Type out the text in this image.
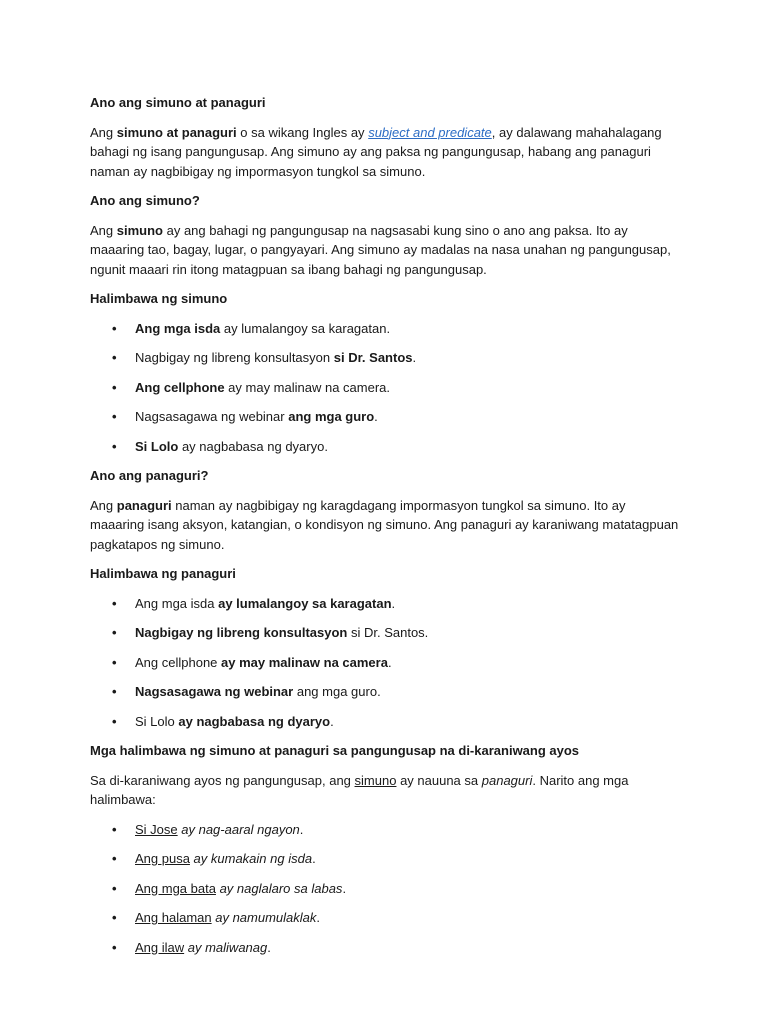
Ano ang simuno at panaguri
Ang simuno at panaguri o sa wikang Ingles ay subject and predicate, ay dalawang mahahalagang bahagi ng isang pangungusap. Ang simuno ay ang paksa ng pangungusap, habang ang panaguri naman ay nagbibigay ng impormasyon tungkol sa simuno.
Ano ang simuno?
Ang simuno ay ang bahagi ng pangungusap na nagsasabi kung sino o ano ang paksa. Ito ay maaaring tao, bagay, lugar, o pangyayari. Ang simuno ay madalas na nasa unahan ng pangungusap, ngunit maaari rin itong matagpuan sa ibang bahagi ng pangungusap.
Halimbawa ng simuno
• Ang mga isda ay lumalangoy sa karagatan.
• Nagbigay ng libreng konsultasyon si Dr. Santos.
• Ang cellphone ay may malinaw na camera.
• Nagsasagawa ng webinar ang mga guro.
• Si Lolo ay nagbabasa ng dyaryo.
Ano ang panaguri?
Ang panaguri naman ay nagbibigay ng karagdagang impormasyon tungkol sa simuno. Ito ay maaaring isang aksyon, katangian, o kondisyon ng simuno. Ang panaguri ay karaniwang matatagpuan pagkatapos ng simuno.
Halimbawa ng panaguri
• Ang mga isda ay lumalangoy sa karagatan.
• Nagbigay ng libreng konsultasyon si Dr. Santos.
• Ang cellphone ay may malinaw na camera.
• Nagsasagawa ng webinar ang mga guro.
• Si Lolo ay nagbabasa ng dyaryo.
Mga halimbawa ng simuno at panaguri sa pangungusap na di-karaniwang ayos
Sa di-karaniwang ayos ng pangungusap, ang simuno ay nauuna sa panaguri. Narito ang mga halimbawa:
• Si Jose ay nag-aaral ngayon.
• Ang pusa ay kumakain ng isda.
• Ang mga bata ay naglalaro sa labas.
• Ang halaman ay namumulaklak.
• Ang ilaw ay maliwanag.
